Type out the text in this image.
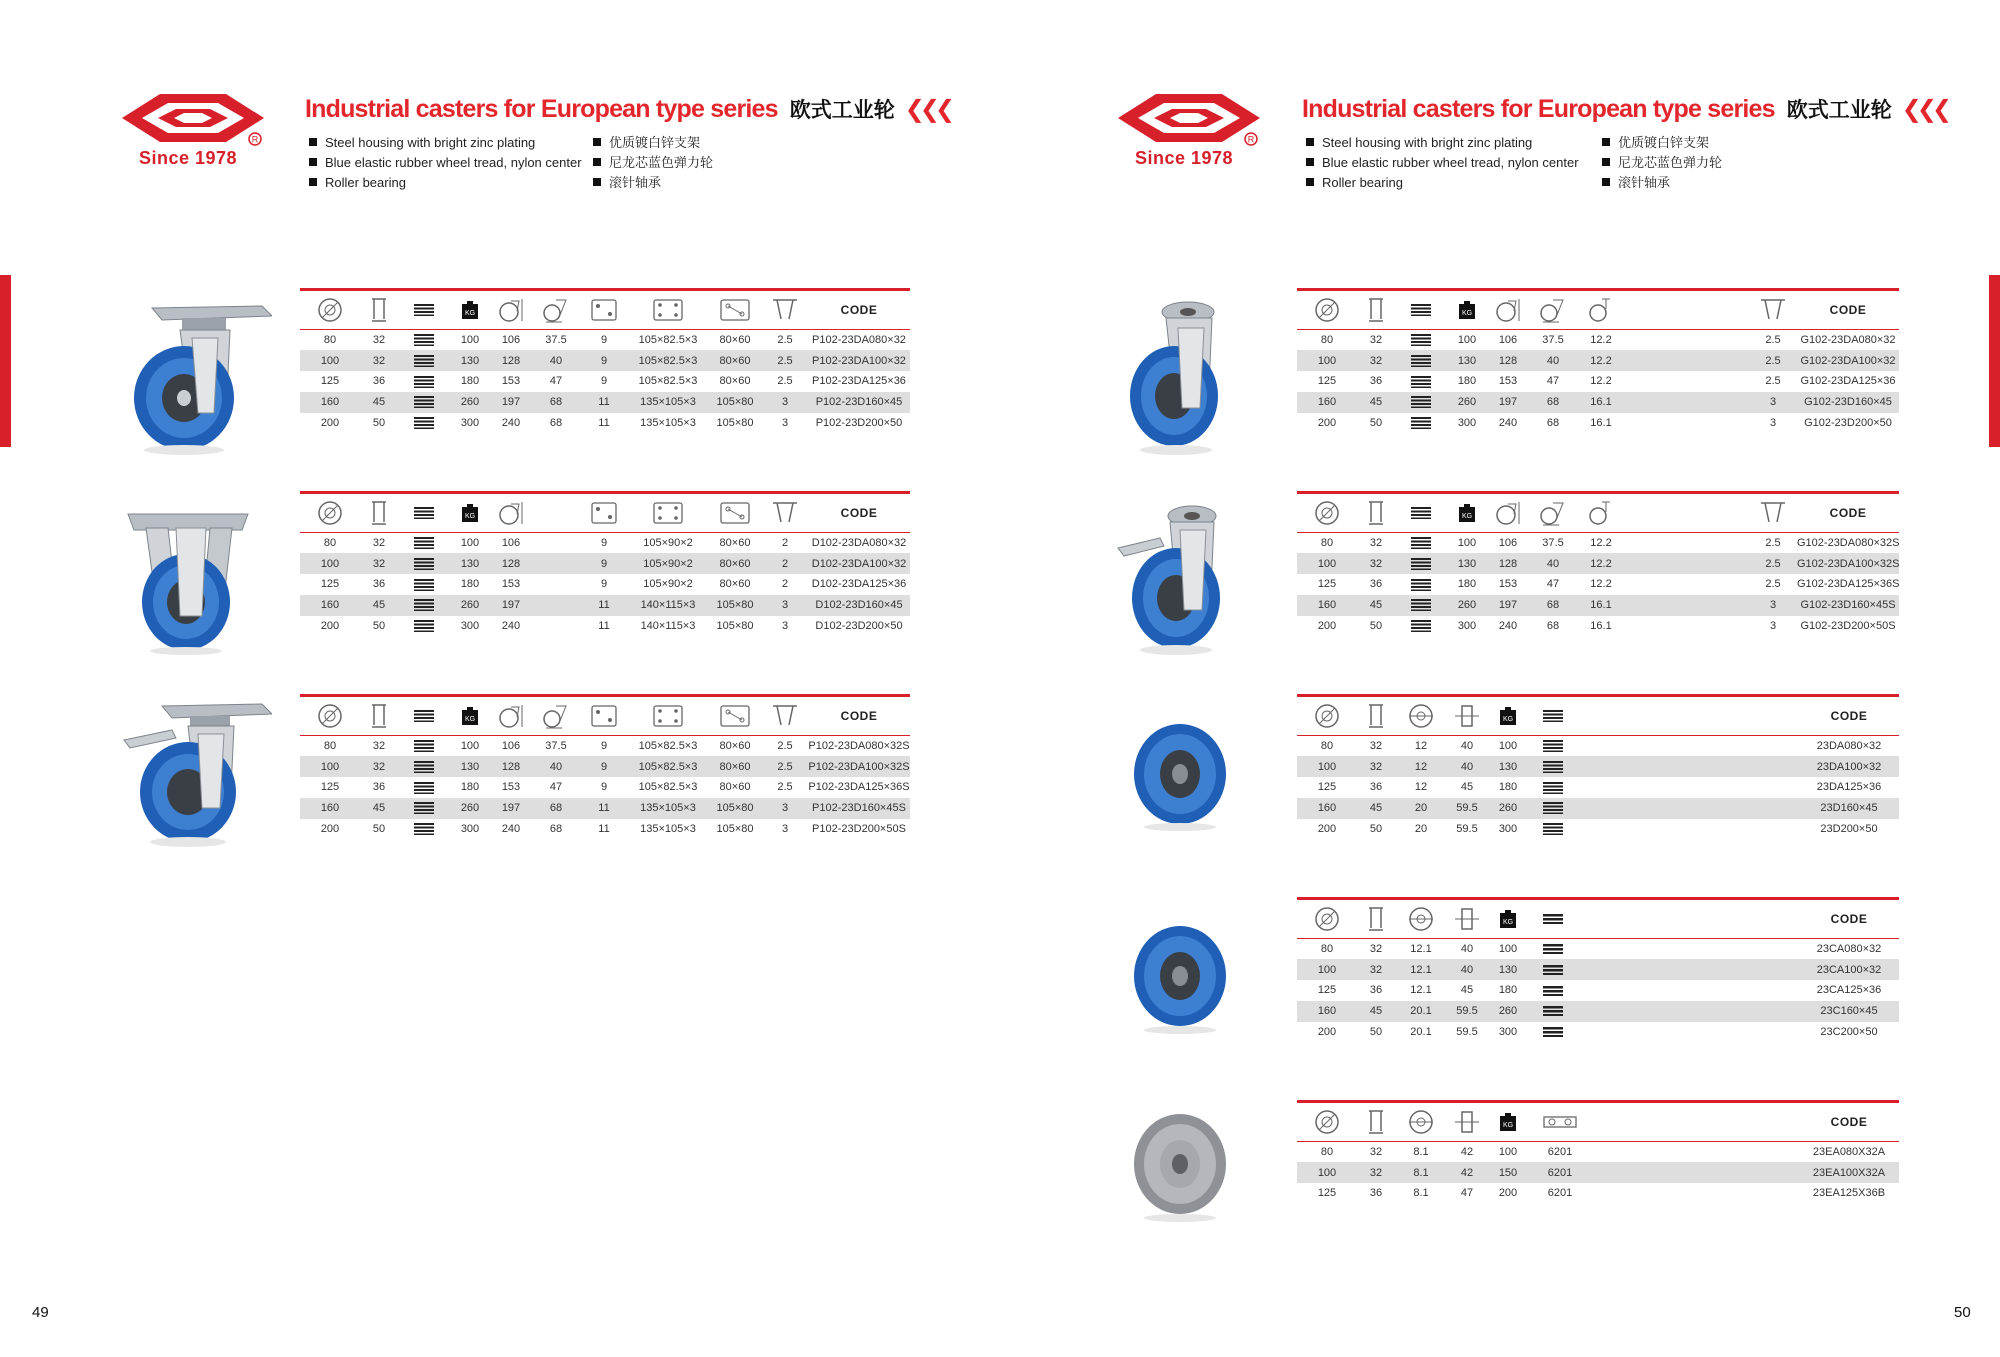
R
Since 1978
Industrial casters for European type series 欧式工业轮 ❮❮❮
Steel housing with bright zinc plating
Blue elastic rubber wheel tread, nylon center
Roller bearing
优质镀白锌支架
尼龙芯蓝色弹力轮
滚针轴承

KG							CODE
80	32		100	106	37.5	9	105×82.5×3	80×60	2.5	P102-23DA080×32
100	32		130	128	40	9	105×82.5×3	80×60	2.5	P102-23DA100×32
125	36		180	153	47	9	105×82.5×3	80×60	2.5	P102-23DA125×36
160	45		260	197	68	11	135×105×3	105×80	3	P102-23D160×45
200	50		300	240	68	11	135×105×3	105×80	3	P102-23D200×50

KG							CODE
80	32		100	106		9	105×90×2	80×60	2	D102-23DA080×32
100	32		130	128		9	105×90×2	80×60	2	D102-23DA100×32
125	36		180	153		9	105×90×2	80×60	2	D102-23DA125×36
160	45		260	197		11	140×115×3	105×80	3	D102-23D160×45
200	50		300	240		11	140×115×3	105×80	3	D102-23D200×50

KG							CODE
80	32		100	106	37.5	9	105×82.5×3	80×60	2.5	P102-23DA080×32S
100	32		130	128	40	9	105×82.5×3	80×60	2.5	P102-23DA100×32S
125	36		180	153	47	9	105×82.5×3	80×60	2.5	P102-23DA125×36S
160	45		260	197	68	11	135×105×3	105×80	3	P102-23D160×45S
200	50		300	240	68	11	135×105×3	105×80	3	P102-23D200×50S
49
R
Since 1978
Industrial casters for European type series 欧式工业轮 ❮❮❮
Steel housing with bright zinc plating
Blue elastic rubber wheel tread, nylon center
Roller bearing
优质镀白锌支架
尼龙芯蓝色弹力轮
滚针轴承

KG							CODE
80	32		100	106	37.5	12.2			2.5	G102-23DA080×32
100	32		130	128	40	12.2			2.5	G102-23DA100×32
125	36		180	153	47	12.2			2.5	G102-23DA125×36
160	45		260	197	68	16.1			3	G102-23D160×45
200	50		300	240	68	16.1			3	G102-23D200×50

KG							CODE
80	32		100	106	37.5	12.2			2.5	G102-23DA080×32S
100	32		130	128	40	12.2			2.5	G102-23DA100×32S
125	36		180	153	47	12.2			2.5	G102-23DA125×36S
160	45		260	197	68	16.1			3	G102-23D160×45S
200	50		300	240	68	16.1			3	G102-23D200×50S

KG			CODE
80	32	12	40	100			23DA080×32
100	32	12	40	130			23DA100×32
125	36	12	45	180			23DA125×36
160	45	20	59.5	260			23D160×45
200	50	20	59.5	300			23D200×50

KG			CODE
80	32	12.1	40	100			23CA080×32
100	32	12.1	40	130			23CA100×32
125	36	12.1	45	180			23CA125×36
160	45	20.1	59.5	260			23C160×45
200	50	20.1	59.5	300			23C200×50

KG			CODE
80	32	8.1	42	100	6201		23EA080X32A
100	32	8.1	42	150	6201		23EA100X32A
125	36	8.1	47	200	6201		23EA125X36B
50
